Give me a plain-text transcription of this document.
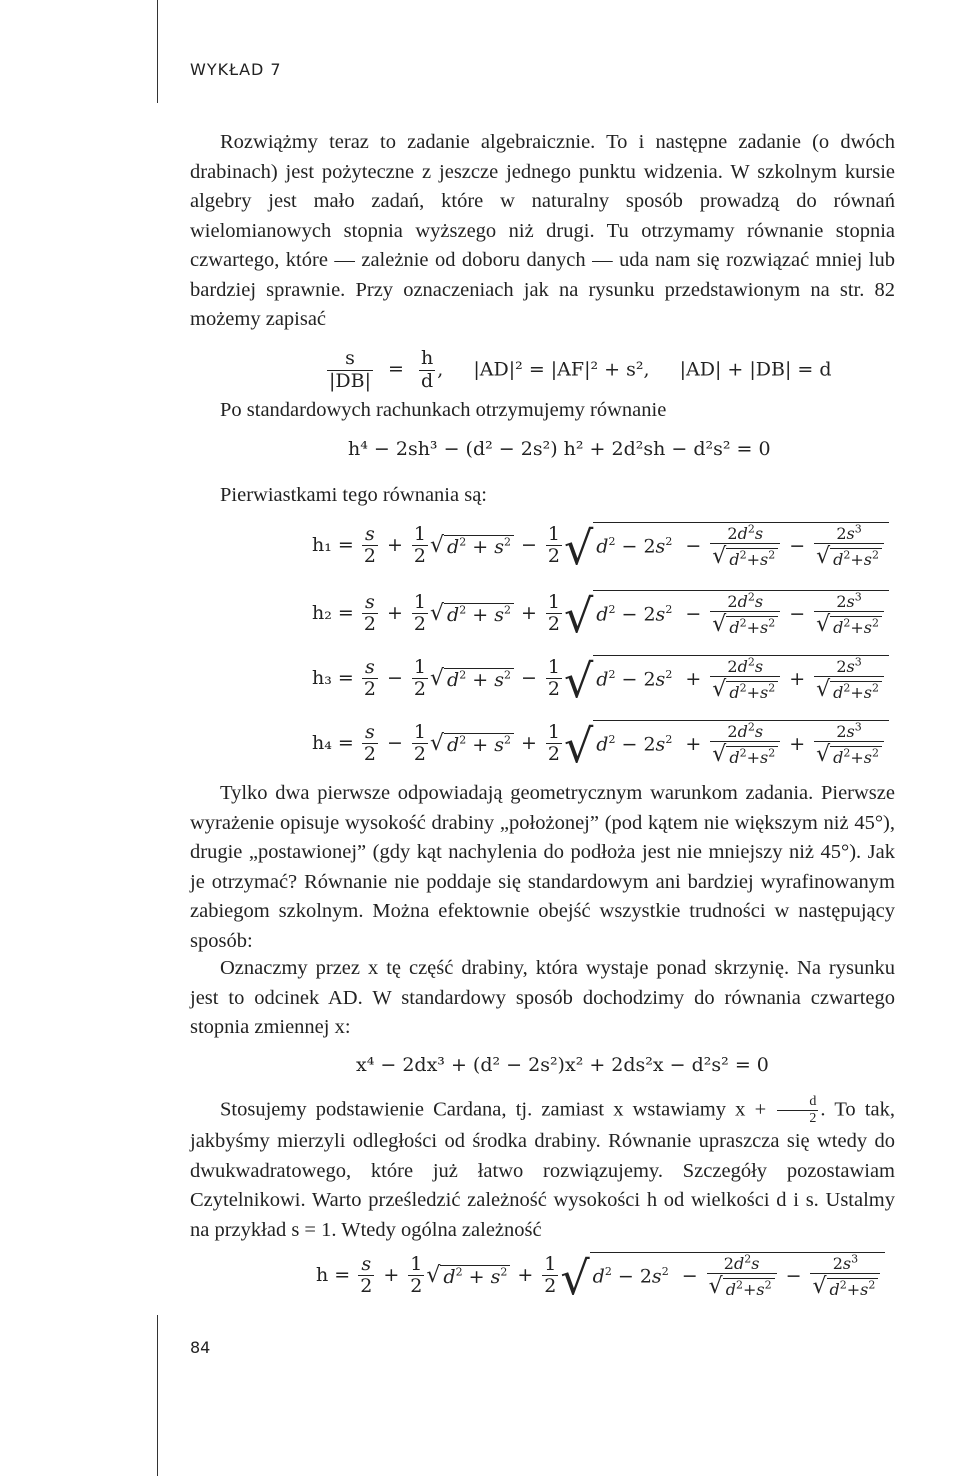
WYKŁAD 7

Rozwiążmy teraz to zadanie algebraicznie. To i następne zadanie (o dwóch drabinach) jest pożyteczne z jeszcze jednego punktu widzenia. W szkolnym kursie algebry jest mało zadań, które w naturalny sposób prowadzą do równań wielomianowych stopnia wyższego niż drugi. Tu otrzymamy równanie stopnia czwartego, które — zależnie od doboru danych — uda nam się rozwiązać mniej lub bardziej sprawnie. Przy oznaczeniach jak na rysunku przedstawionym na str. 82 możemy zapisać

$\frac{s}{|DB|} = \frac{h}{d}$ ,  |AD|² = |AF|² + s², |AD| + |DB| = d

Po standardowych rachunkach otrzymujemy równanie

h⁴ − 2sh³ − (d² − 2s²) h² + 2d²sh − d²s² = 0

Pierwiastkami tego równania są:

$h_1 = \frac{s}{2} + \frac{1}{2}$ √ $d^2 + s^2 - \frac{1}{2}$ √ $d^2 - 2s^2 - \frac{2d^2s}{√ d^2+s^2} - \frac{2s^3}{√ d^2+s^2}$
$h_2 = \frac{s}{2} + \frac{1}{2}$ √ $d^2 + s^2 + \frac{1}{2}$ √ $d^2 - 2s^2 - \frac{2d^2s}{√ d^2+s^2} - \frac{2s^3}{√ d^2+s^2}$
$h_3 = \frac{s}{2} - \frac{1}{2}$ √ $d^2 + s^2 - \frac{1}{2}$ √ $d^2 - 2s^2 + \frac{2d^2s}{√ d^2+s^2} + \frac{2s^3}{√ d^2+s^2}$
$h_4 = \frac{s}{2} - \frac{1}{2}$ √ $d^2 + s^2 + \frac{1}{2}$ √ $d^2 - 2s^2 + \frac{2d^2s}{√ d^2+s^2} + \frac{2s^3}{√ d^2+s^2}$

Tylko dwa pierwsze odpowiadają geometrycznym warunkom zadania. Pierwsze wyrażenie opisuje wysokość drabiny „położonej” (pod kątem nie większym niż 45°), drugie „postawionej” (gdy kąt nachylenia do podłoża jest nie mniejszy niż 45°). Jak je otrzymać? Równanie nie poddaje się standardowym ani bardziej wyrafinowanym zabiegom szkolnym. Można efektownie obejść wszystkie trudności w następujący sposób:

Oznaczmy przez x tę część drabiny, która wystaje ponad skrzynię. Na rysunku jest to odcinek AD. W standardowy sposób dochodzimy do równania czwartego stopnia zmiennej x:

x⁴ − 2dx³ + (d² − 2s²)x² + 2ds²x − d²s² = 0
Stosujemy podstawienie Cardana, tj. zamiast x wstawiamy $x + \frac{d}{2}$ . To tak, jakbyśmy mierzyli odległości od środka drabiny. Równanie upraszcza się wtedy do dwukwadratowego, które już łatwo rozwiązujemy. Szczegóły pozostawiam Czytelnikowi. Warto prześledzić zależność wysokości h od wielkości d i s. Ustalmy na przykład s = 1. Wtedy ogólna zależność
$h = \frac{s}{2} + \frac{1}{2}$ √ $d^2 + s^2 + \frac{1}{2}$ √ $d^2 - 2s^2 - \frac{2d^2s}{√ d^2+s^2} - \frac{2s^3}{√ d^2+s^2}$
84
